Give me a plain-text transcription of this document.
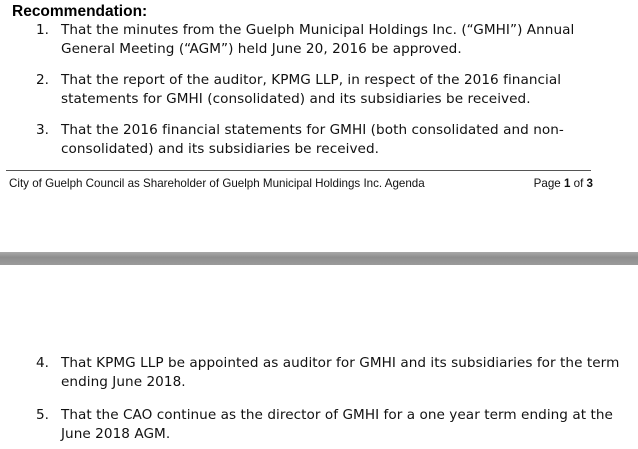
Recommendation:
1. That the minutes from the Guelph Municipal Holdings Inc. (“GMHI”) Annual General Meeting (“AGM”) held June 20, 2016 be approved.
2. That the report of the auditor, KPMG LLP, in respect of the 2016 financial statements for GMHI (consolidated) and its subsidiaries be received.
3. That the 2016 financial statements for GMHI (both consolidated and non-consolidated) and its subsidiaries be received.
City of Guelph Council as Shareholder of Guelph Municipal Holdings Inc. Agenda	Page 1 of 3
4. That KPMG LLP be appointed as auditor for GMHI and its subsidiaries for the term ending June 2018.
5. That the CAO continue as the director of GMHI for a one year term ending at the June 2018 AGM.
